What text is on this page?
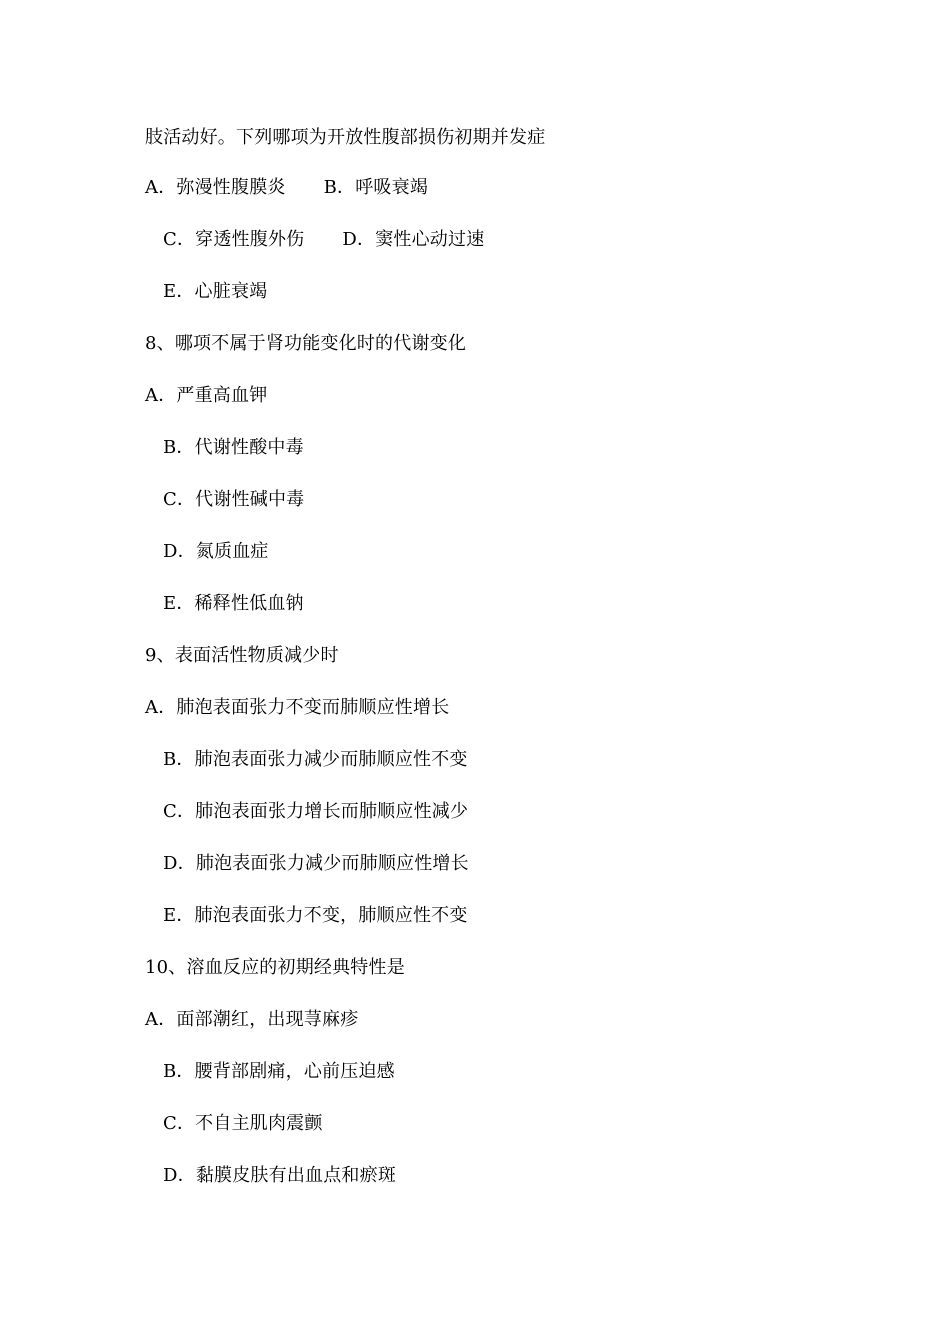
肢活动好。下列哪项为开放性腹部损伤初期并发症
A．弥漫性腹膜炎 B．呼吸衰竭
C．穿透性腹外伤 D．窦性心动过速
E．心脏衰竭
8、哪项不属于肾功能变化时的代谢变化
A．严重高血钾
B．代谢性酸中毒
C．代谢性碱中毒
D．氮质血症
E．稀释性低血钠
9、表面活性物质减少时
A．肺泡表面张力不变而肺顺应性增长
B．肺泡表面张力减少而肺顺应性不变
C．肺泡表面张力增长而肺顺应性减少
D．肺泡表面张力减少而肺顺应性增长
E．肺泡表面张力不变，肺顺应性不变
10、溶血反应的初期经典特性是
A．面部潮红，出现荨麻疹
B．腰背部剧痛，心前压迫感
C．不自主肌肉震颤
D．黏膜皮肤有出血点和瘀斑
